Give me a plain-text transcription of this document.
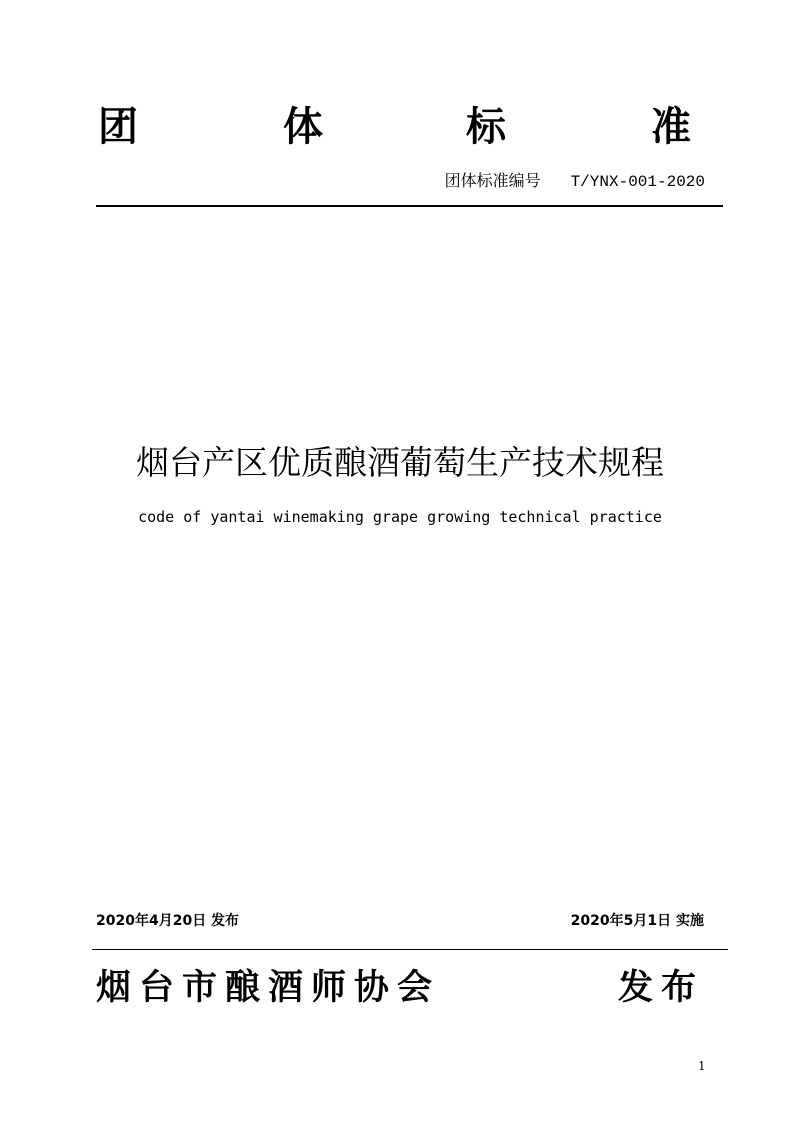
团	体	标	准
团体标准编号 T/YNX-001-2020
烟台产区优质酿酒葡萄生产技术规程
code of yantai winemaking grape growing technical practice
2020年4月20日 发布	2020年5月1日 实施
烟台市酿酒师协会	发布
1
